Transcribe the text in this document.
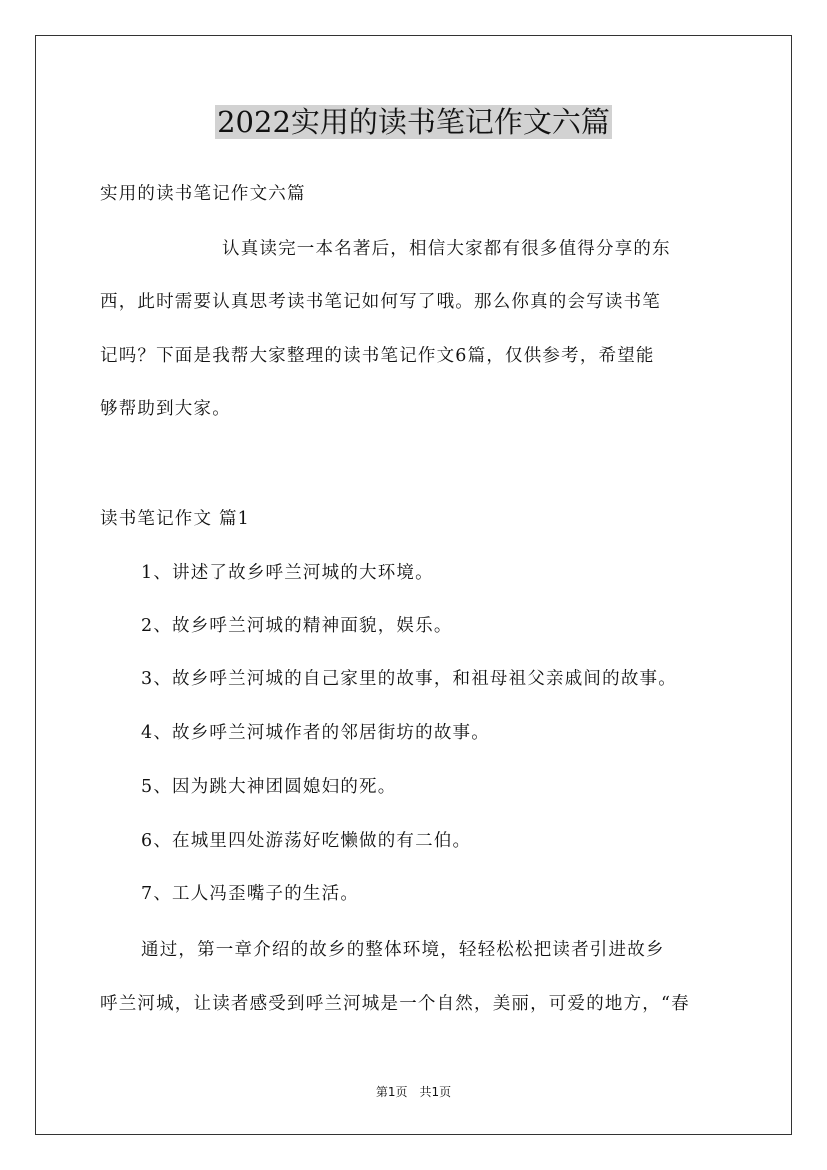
2022实用的读书笔记作文六篇

实用的读书笔记作文六篇

认真读完一本名著后，相信大家都有很多值得分享的东

西，此时需要认真思考读书笔记如何写了哦。那么你真的会写读书笔

记吗？下面是我帮大家整理的读书笔记作文6篇，仅供参考，希望能

够帮助到大家。

读书笔记作文 篇1

1、讲述了故乡呼兰河城的大环境。

2、故乡呼兰河城的精神面貌，娱乐。

3、故乡呼兰河城的自己家里的故事，和祖母祖父亲戚间的故事。

4、故乡呼兰河城作者的邻居街坊的故事。

5、因为跳大神团圆媳妇的死。

6、在城里四处游荡好吃懒做的有二伯。

7、工人冯歪嘴子的生活。

通过，第一章介绍的故乡的整体环境，轻轻松松把读者引进故乡

呼兰河城，让读者感受到呼兰河城是一个自然，美丽，可爱的地方，“春

第1页　共1页
